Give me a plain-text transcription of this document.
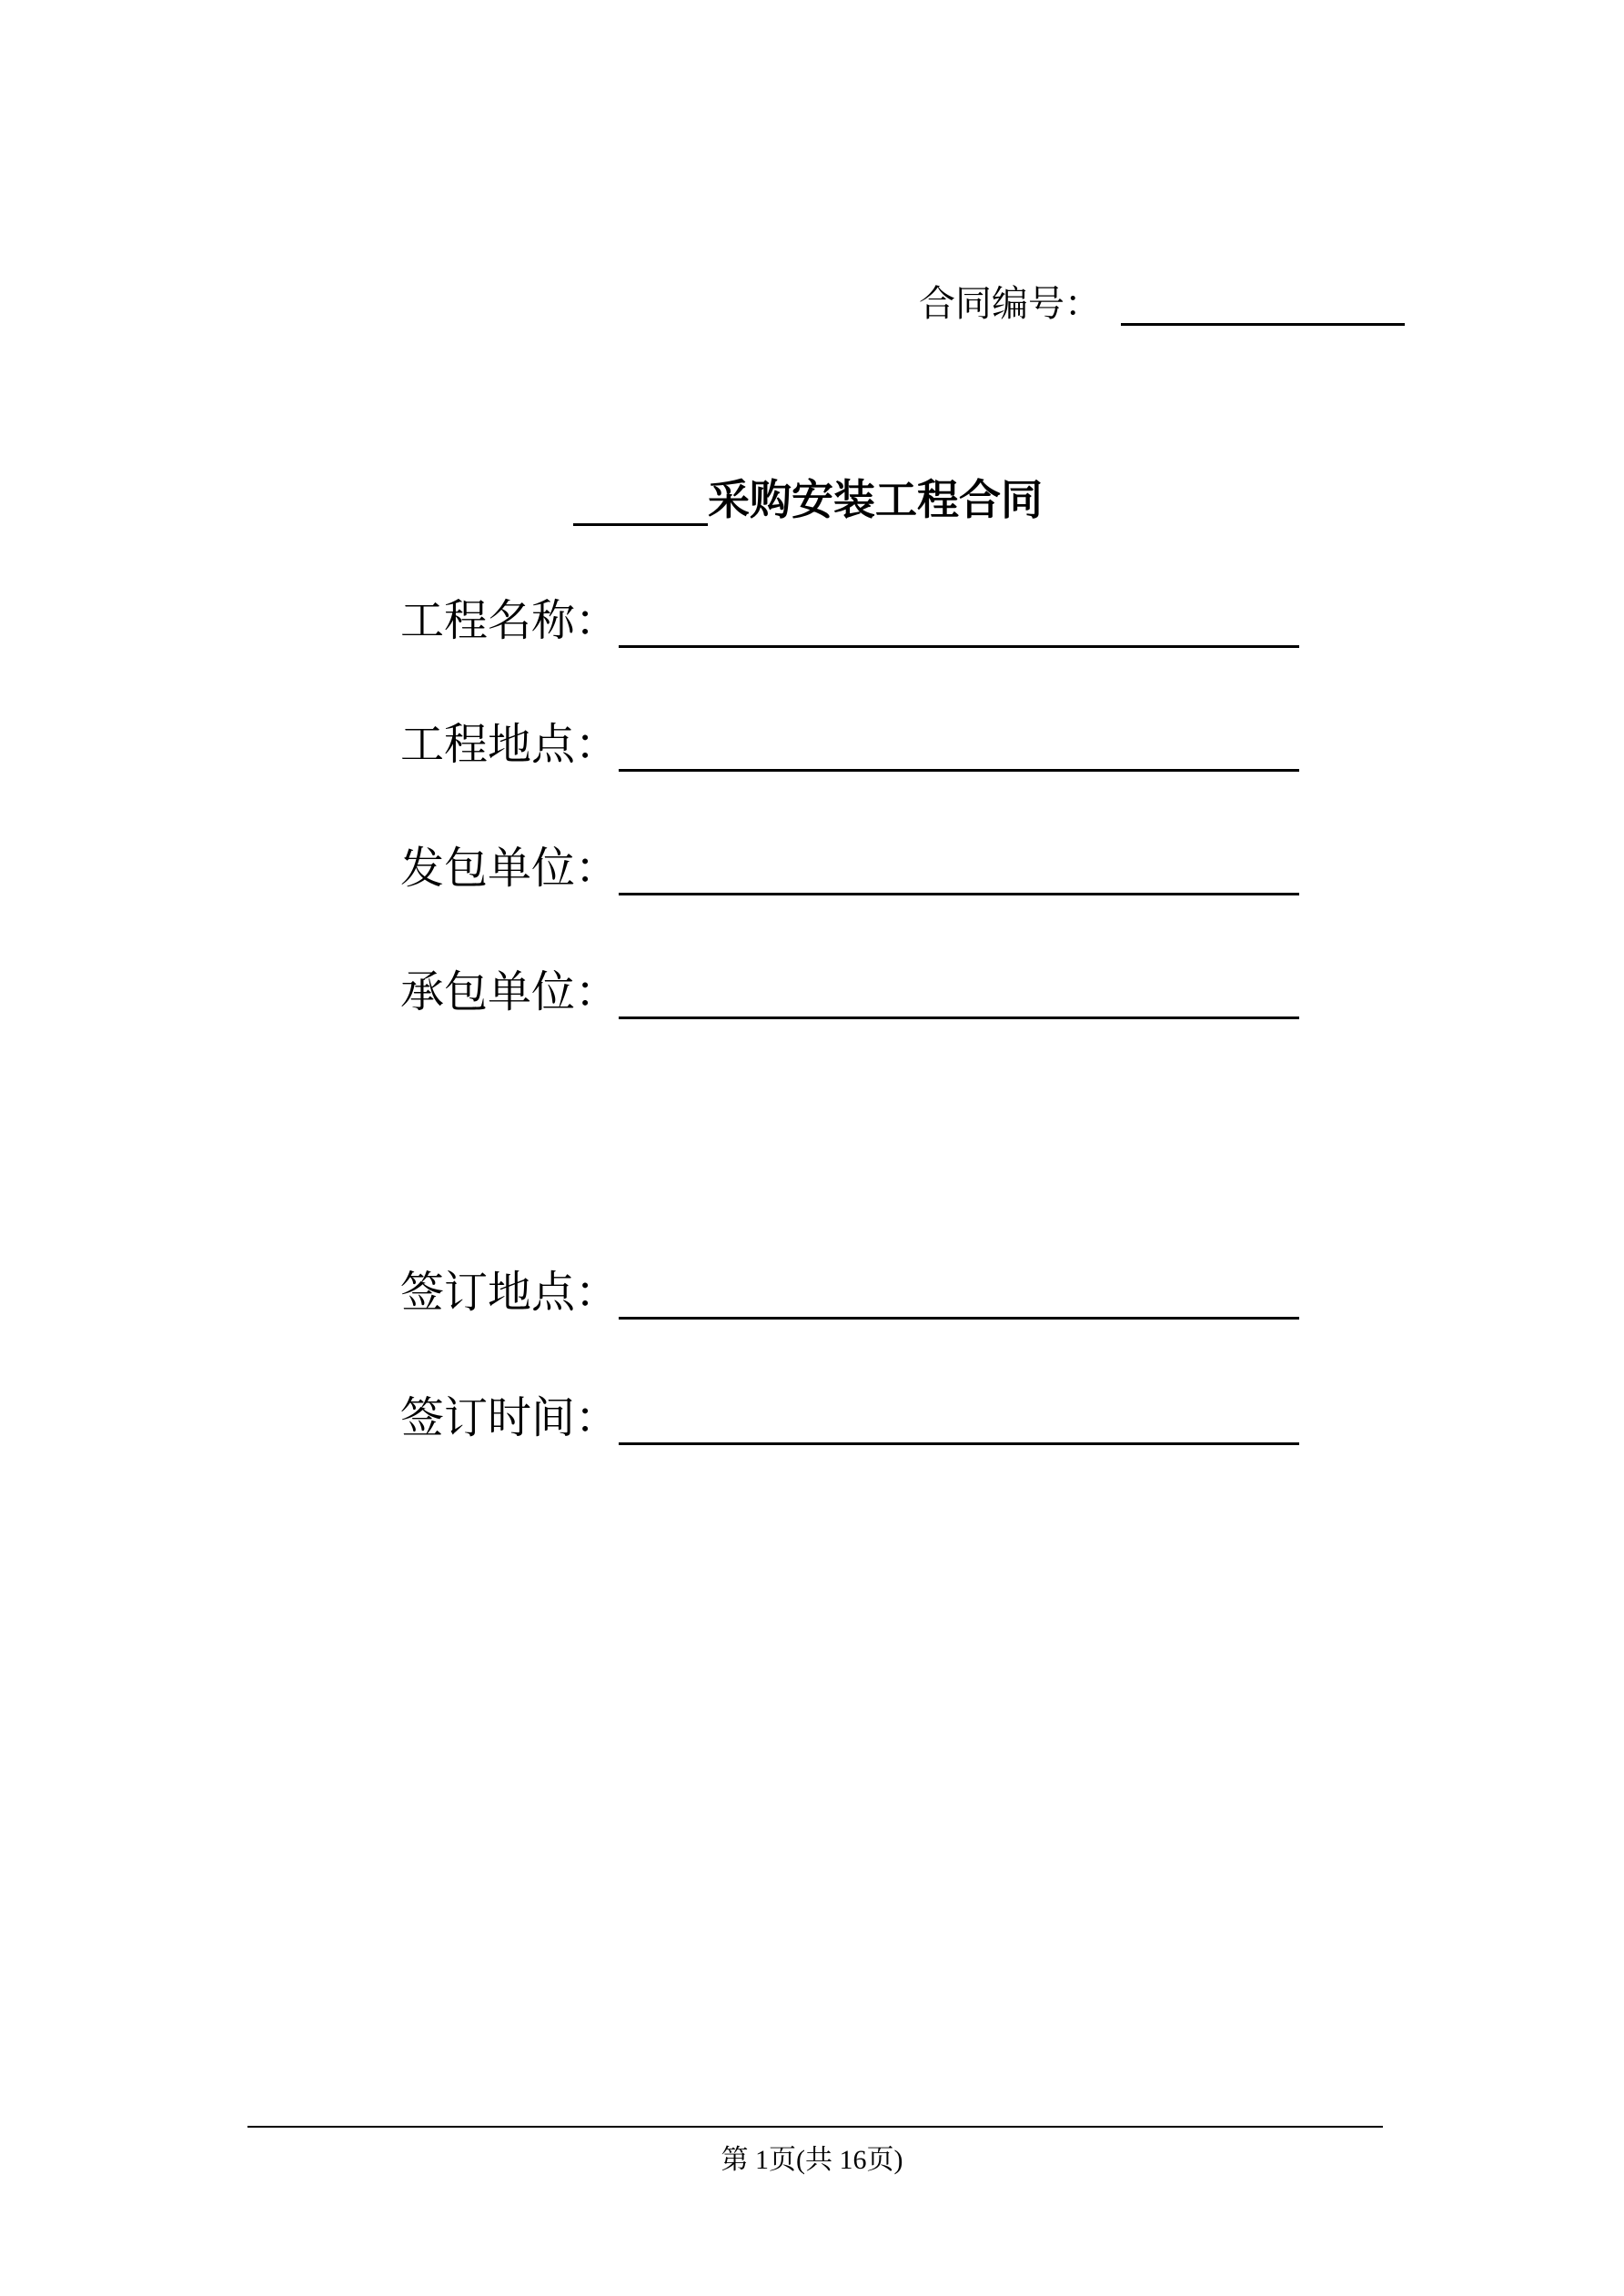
合同编号：
采购安装工程合同
工程名称：
工程地点：
发包单位：
承包单位：
签订地点：
签订时间：
第 1页(共 16页)
